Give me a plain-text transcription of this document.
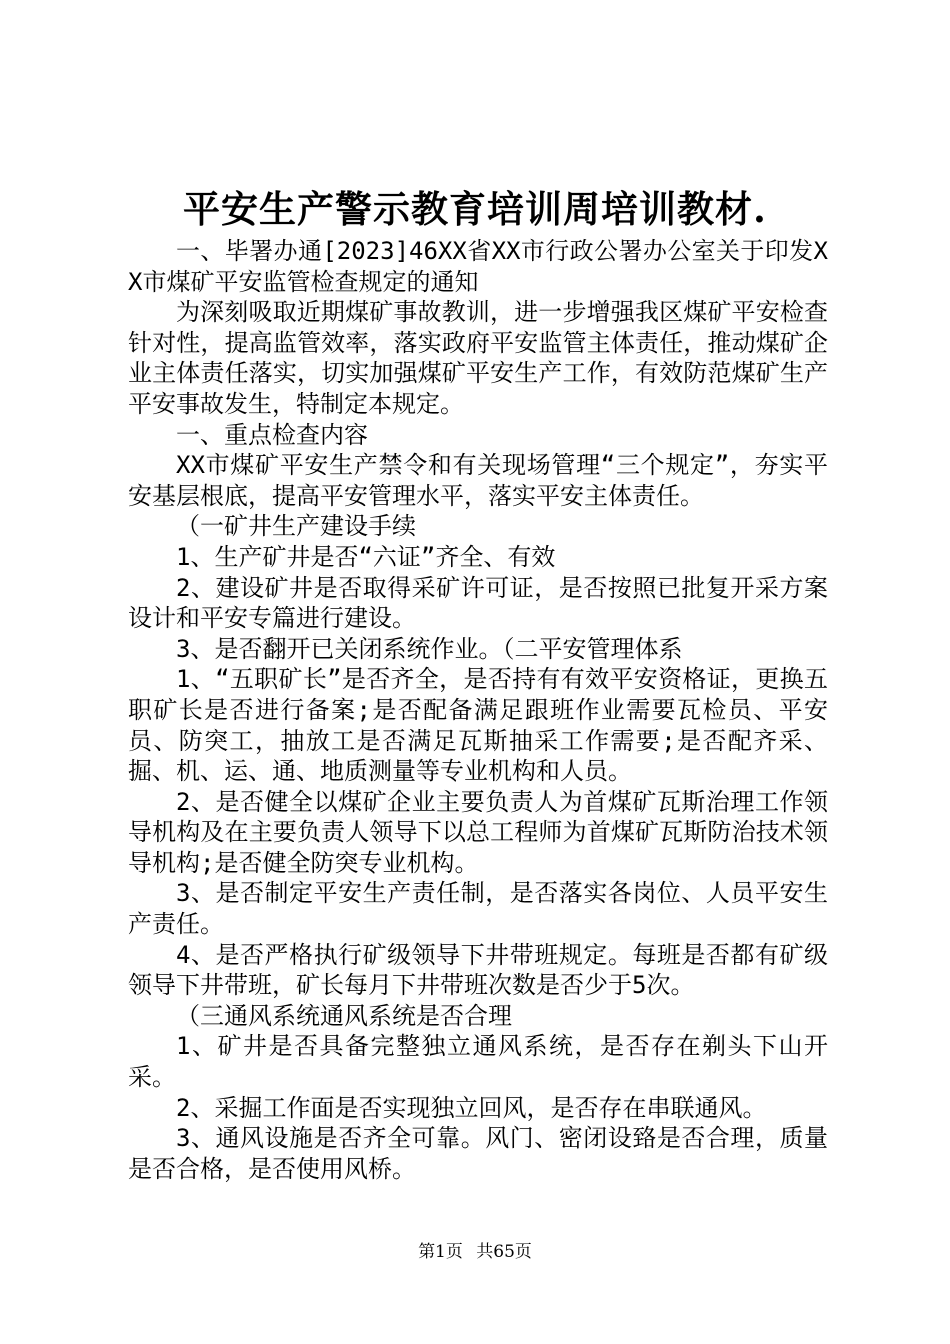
平安生产警示教育培训周培训教材.

一、毕署办通[2023]46XX省XX市行政公署办公室关于印发XX市煤矿平安监管检查规定的通知

为深刻吸取近期煤矿事故教训，进一步增强我区煤矿平安检查针对性，提高监管效率，落实政府平安监管主体责任，推动煤矿企业主体责任落实，切实加强煤矿平安生产工作，有效防范煤矿生产平安事故发生，特制定本规定。

一、重点检查内容

XX市煤矿平安生产禁令和有关现场管理“三个规定”，夯实平安基层根底，提高平安管理水平，落实平安主体责任。

（一矿井生产建设手续

1、生产矿井是否“六证”齐全、有效

2、建设矿井是否取得采矿许可证，是否按照已批复开采方案设计和平安专篇进行建设。

3、是否翻开已关闭系统作业。（二平安管理体系

1、“五职矿长”是否齐全，是否持有有效平安资格证，更换五职矿长是否进行备案;是否配备满足跟班作业需要瓦检员、平安员、防突工，抽放工是否满足瓦斯抽采工作需要;是否配齐采、掘、机、运、通、地质测量等专业机构和人员。

2、是否健全以煤矿企业主要负责人为首煤矿瓦斯治理工作领导机构及在主要负责人领导下以总工程师为首煤矿瓦斯防治技术领导机构;是否健全防突专业机构。

3、是否制定平安生产责任制，是否落实各岗位、人员平安生产责任。

4、是否严格执行矿级领导下井带班规定。每班是否都有矿级领导下井带班，矿长每月下井带班次数是否少于5次。

（三通风系统通风系统是否合理

1、矿井是否具备完整独立通风系统，是否存在剃头下山开采。

2、采掘工作面是否实现独立回风，是否存在串联通风。

3、通风设施是否齐全可靠。风门、密闭设臵是否合理，质量是否合格，是否使用风桥。

第1页 共65页
